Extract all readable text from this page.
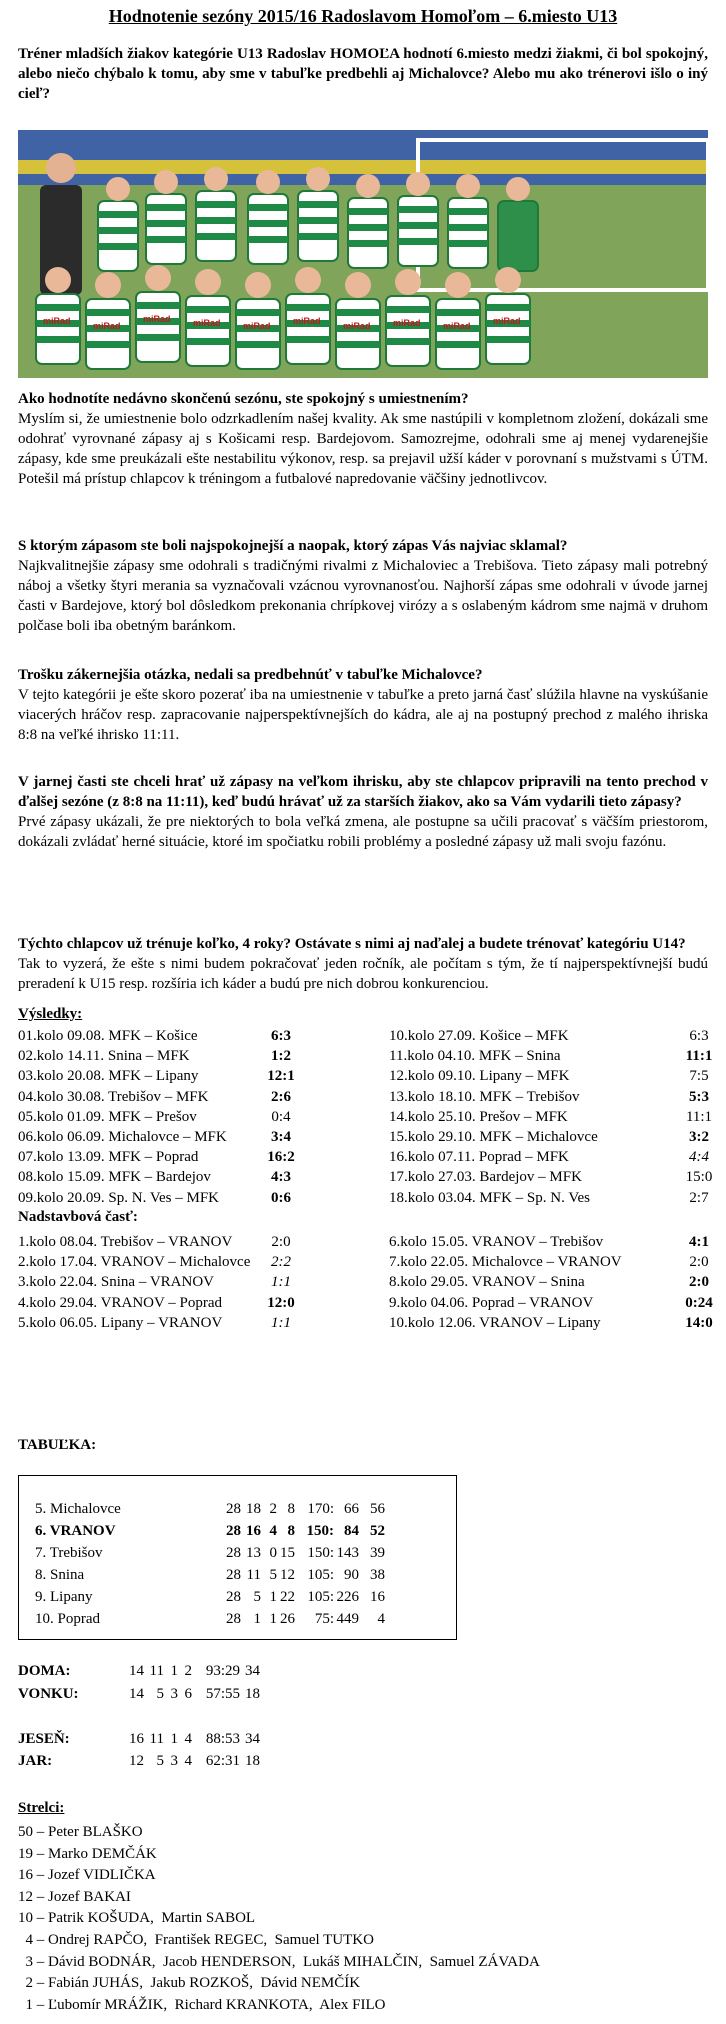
Hodnotenie sezóny 2015/16 Radoslavom Homoľom – 6.miesto U13
Tréner mladších žiakov kategórie U13 Radoslav HOMOĽA hodnotí 6.miesto medzi žiakmi, či bol spokojný, alebo niečo chýbalo k tomu, aby sme v tabuľke predbehli aj Michalovce? Alebo mu ako trénerovi išlo o iný cieľ?
miRad miRad
miRad miRad miRad miRad miRad miRad miRad miRad
Ako hodnotíte nedávno skončenú sezónu, ste spokojný s umiestnením?
Myslím si, že umiestnenie bolo odzrkadlením našej kvality. Ak sme nastúpili v kompletnom zložení, dokázali sme odohrať vyrovnané zápasy aj s Košicami resp. Bardejovom. Samozrejme, odohrali sme aj menej vydarenejšie zápasy, kde sme preukázali ešte nestabilitu výkonov, resp. sa prejavil užší káder v porovnaní s mužstvami s ÚTM. Potešil má prístup chlapcov k tréningom a futbalové napredovanie väčšiny jednotlivcov.
S ktorým zápasom ste boli najspokojnejší a naopak, ktorý zápas Vás najviac sklamal?
Najkvalitnejšie zápasy sme odohrali s tradičnými rivalmi z Michaloviec a Trebišova. Tieto zápasy mali potrebný náboj a všetky štyri merania sa vyznačovali vzácnou vyrovnanosťou. Najhorší zápas sme odohrali v úvode jarnej časti v Bardejove, ktorý bol dôsledkom prekonania chrípkovej virózy a s oslabeným kádrom sme najmä v druhom polčase boli iba obetným baránkom.
Trošku zákernejšia otázka, nedali sa predbehnúť v tabuľke Michalovce?
V tejto kategórii je ešte skoro pozerať iba na umiestnenie v tabuľke a preto jarná časť slúžila hlavne na vyskúšanie viacerých hráčov resp. zapracovanie najperspektívnejších do kádra, ale aj na postupný prechod z malého ihriska 8:8 na veľké ihrisko 11:11.
V jarnej časti ste chceli hrať už zápasy na veľkom ihrisku, aby ste chlapcov pripravili na tento prechod v ďalšej sezóne (z 8:8 na 11:11), keď budú hrávať už za starších žiakov, ako sa Vám vydarili tieto zápasy?
Prvé zápasy ukázali, že pre niektorých to bola veľká zmena, ale postupne sa učili pracovať s väčším priestorom, dokázali zvládať herné situácie, ktoré im spočiatku robili problémy a posledné zápasy už mali svoju fazónu.
Týchto chlapcov už trénuje koľko, 4 roky? Ostávate s nimi aj naďalej a budete trénovať kategóriu U14?
Tak to vyzerá, že ešte s nimi budem pokračovať jeden ročník, ale počítam s tým, že tí najperspektívnejší budú preradení k U15 resp. rozšíria ich káder a budú pre nich dobrou konkurenciou.
Výsledky:
01.kolo 09.08. MFK – Košice	6:3
02.kolo 14.11. Snina – MFK	1:2
03.kolo 20.08. MFK – Lipany	12:1
04.kolo 30.08. Trebišov – MFK	2:6
05.kolo 01.09. MFK – Prešov	0:4
06.kolo 06.09. Michalovce – MFK	3:4
07.kolo 13.09. MFK – Poprad	16:2
08.kolo 15.09. MFK – Bardejov	4:3
09.kolo 20.09. Sp. N. Ves – MFK	0:6
10.kolo 27.09. Košice – MFK	6:3
11.kolo 04.10. MFK – Snina	11:1
12.kolo 09.10. Lipany – MFK	7:5
13.kolo 18.10. MFK – Trebišov	5:3
14.kolo 25.10. Prešov – MFK	11:1
15.kolo 29.10. MFK – Michalovce	3:2
16.kolo 07.11. Poprad – MFK	4:4
17.kolo 27.03. Bardejov – MFK	15:0
18.kolo 03.04. MFK – Sp. N. Ves	2:7
Nadstavbová časť:
1.kolo 08.04. Trebišov – VRANOV	2:0
2.kolo 17.04. VRANOV – Michalovce	2:2
3.kolo 22.04. Snina – VRANOV	1:1
4.kolo 29.04. VRANOV – Poprad	12:0
5.kolo 06.05. Lipany – VRANOV	1:1
6.kolo 15.05. VRANOV – Trebišov	4:1
7.kolo 22.05. Michalovce – VRANOV	2:0
8.kolo 29.05. VRANOV – Snina	2:0
9.kolo 04.06. Poprad – VRANOV	0:24
10.kolo 12.06. VRANOV – Lipany	14:0
TABUĽKA:
5. Michalovce	28 18 2 8 170: 66 56
6. VRANOV	28 16 4 8 150: 84 52
7. Trebišov	28 13 0 15 150: 143 39
8. Snina	28 11 5 12 105: 90 38
9. Lipany	28 5 1 22 105: 226 16
10. Poprad	28 1 1 26	75: 449	4
DOMA:	14 11 1 2 93:29 34
VONKU:	14 5 3 6 57:55 18
JESEŇ:	16 11 1 4 88:53 34
JAR:	12 5 3 4 62:31 18
Strelci:
50 – Peter BLAŠKO
19 – Marko DEMČÁK
16 – Jozef VIDLIČKA
12 – Jozef BAKAI
10 – Patrik KOŠUDA,  Martin SABOL
4 – Ondrej RAPČO,  František REGEC,  Samuel TUTKO
3 – Dávid BODNÁR,  Jacob HENDERSON,  Lukáš MIHALČIN,  Samuel ZÁVADA
2 – Fabián JUHÁS,  Jakub ROZKOŠ,  Dávid NEMČÍK
1 – Ľubomír MRÁŽIK,  Richard KRANKOTA,  Alex FILO
